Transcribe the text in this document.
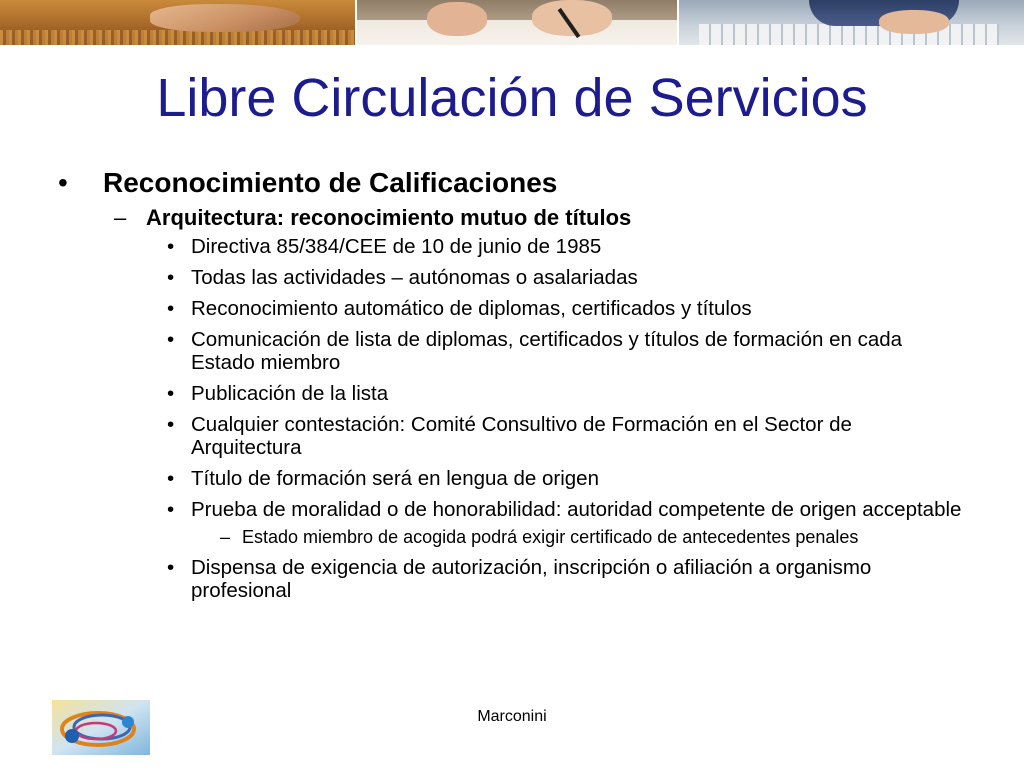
Libre Circulación de Servicios
• Reconocimiento de Calificaciones
– Arquitectura: reconocimiento mutuo de títulos
• Directiva 85/384/CEE de 10 de junio de 1985
• Todas las actividades – autónomas o asalariadas
• Reconocimiento automático de diplomas, certificados y títulos
• Comunicación de lista de diplomas, certificados y títulos de formación en cada Estado miembro
• Publicación de la lista
• Cualquier contestación: Comité Consultivo de Formación en el Sector de Arquitectura
• Título de formación será en lengua de origen
• Prueba de moralidad o de honorabilidad: autoridad competente de origen acceptable
– Estado miembro de acogida podrá exigir certificado de antecedentes penales
• Dispensa de exigencia de autorización, inscripción o afiliación a organismo profesional
Marconini
